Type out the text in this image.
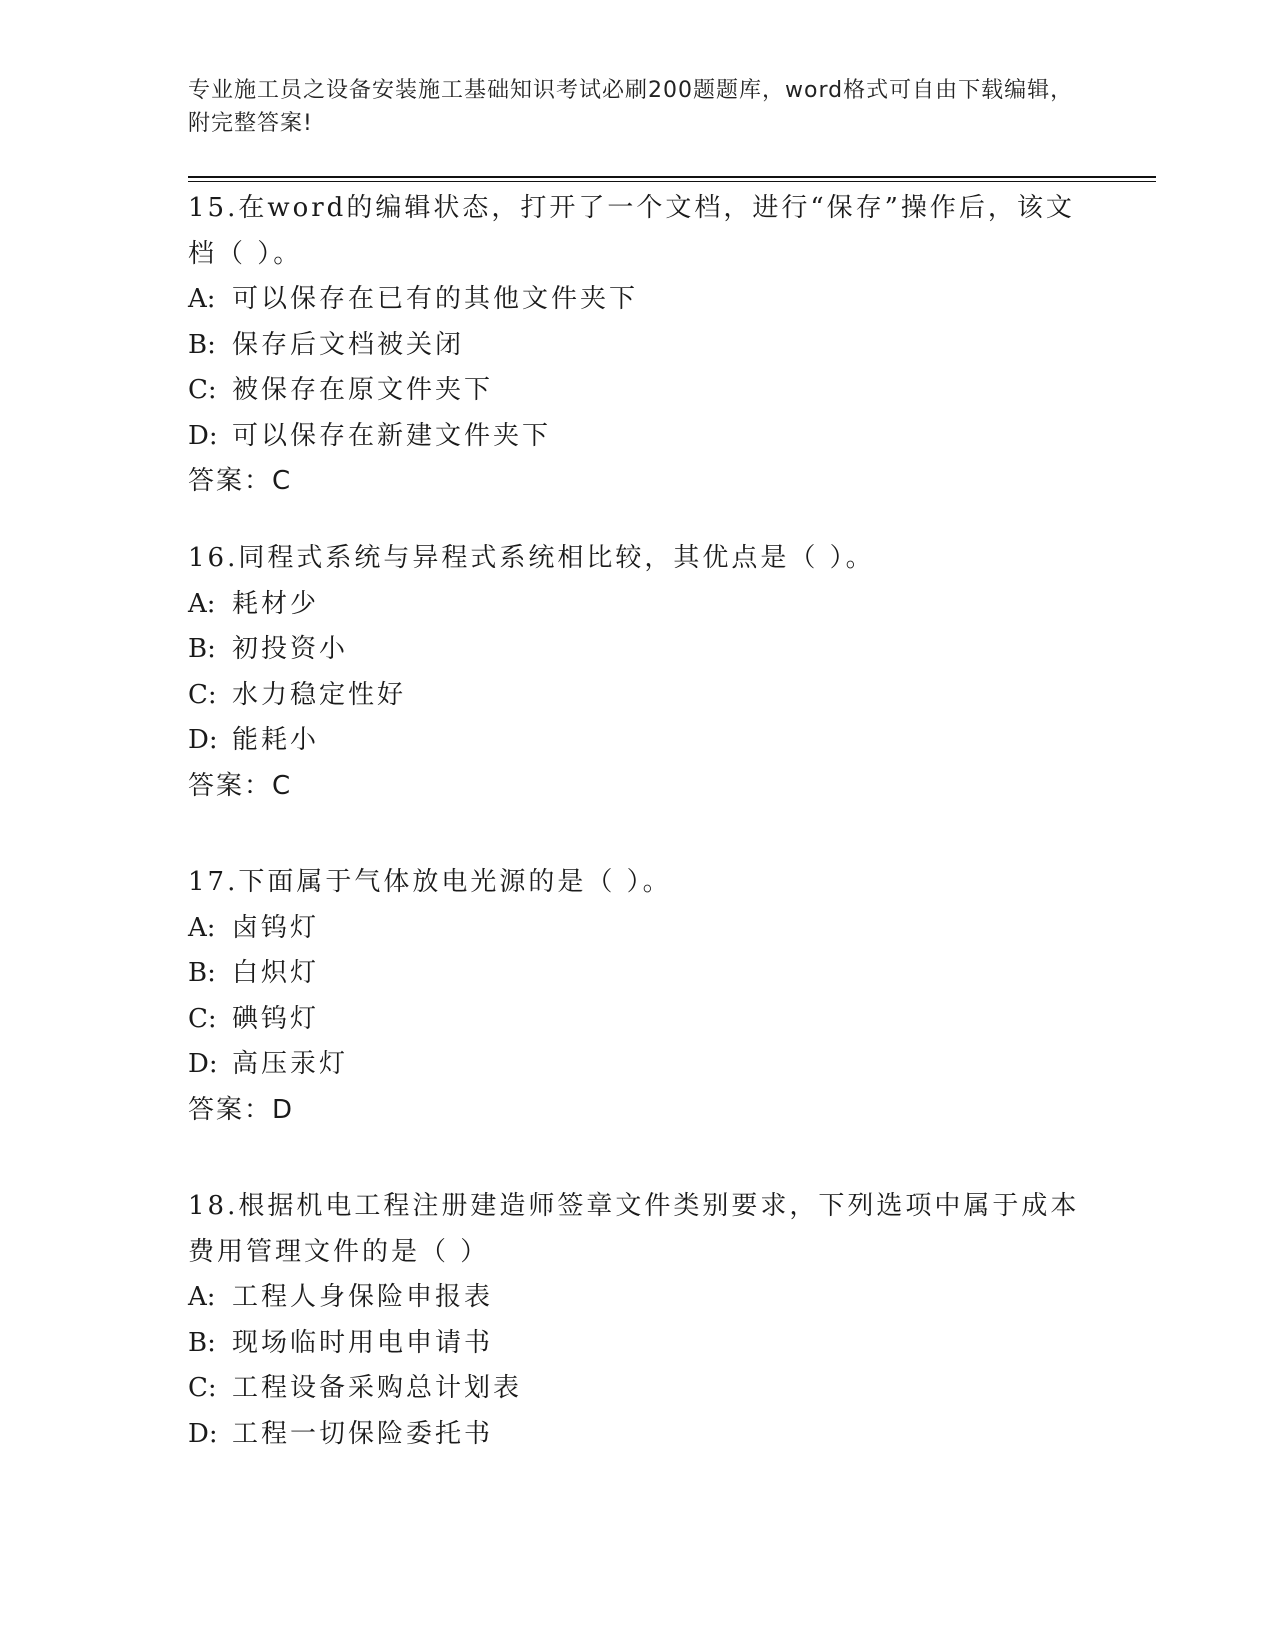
专业施工员之设备安装施工基础知识考试必刷200题题库，word格式可自由下载编辑，附完整答案!
15.在word的编辑状态，打开了一个文档，进行“保存”操作后，该文档（ ）。
A: 可以保存在已有的其他文件夹下
B: 保存后文档被关闭
C: 被保存在原文件夹下
D: 可以保存在新建文件夹下
答案：C
16.同程式系统与异程式系统相比较，其优点是（ ）。
A: 耗材少
B: 初投资小
C: 水力稳定性好
D: 能耗小
答案：C
17.下面属于气体放电光源的是（ ）。
A: 卤钨灯
B: 白炽灯
C: 碘钨灯
D: 高压汞灯
答案：D
18.根据机电工程注册建造师签章文件类别要求，下列选项中属于成本费用管理文件的是（ ）
A: 工程人身保险申报表
B: 现场临时用电申请书
C: 工程设备采购总计划表
D: 工程一切保险委托书
